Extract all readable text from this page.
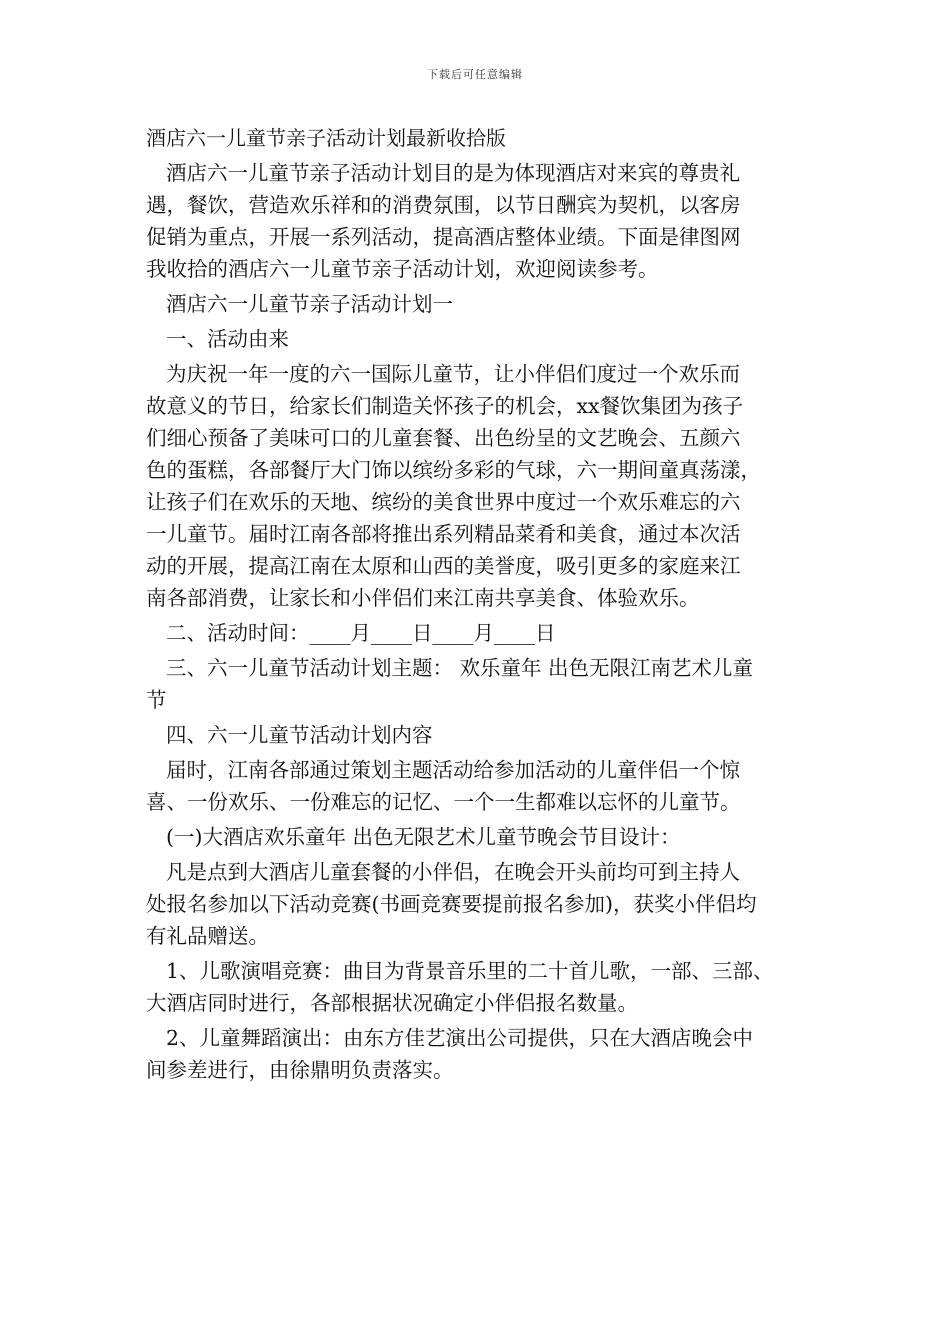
下载后可任意编辑
酒店六一儿童节亲子活动计划最新收拾版
酒店六一儿童节亲子活动计划目的是为体现酒店对来宾的尊贵礼
遇，餐饮，营造欢乐祥和的消费氛围，以节日酬宾为契机，以客房
促销为重点，开展一系列活动，提高酒店整体业绩。下面是律图网
我收拾的酒店六一儿童节亲子活动计划，欢迎阅读参考。
酒店六一儿童节亲子活动计划一
一、活动由来
为庆祝一年一度的六一国际儿童节，让小伴侣们度过一个欢乐而
故意义的节日，给家长们制造关怀孩子的机会，xx餐饮集团为孩子
们细心预备了美味可口的儿童套餐、出色纷呈的文艺晚会、五颜六
色的蛋糕，各部餐厅大门饰以缤纷多彩的气球，六一期间童真荡漾，
让孩子们在欢乐的天地、缤纷的美食世界中度过一个欢乐难忘的六
一儿童节。届时江南各部将推出系列精品菜肴和美食，通过本次活
动的开展，提高江南在太原和山西的美誉度，吸引更多的家庭来江
南各部消费，让家长和小伴侣们来江南共享美食、体验欢乐。
二、活动时间：____月____日____月____日
三、六一儿童节活动计划主题： 欢乐童年 出色无限江南艺术儿童
节
四、六一儿童节活动计划内容
届时，江南各部通过策划主题活动给参加活动的儿童伴侣一个惊
喜、一份欢乐、一份难忘的记忆、一个一生都难以忘怀的儿童节。
(一)大酒店欢乐童年 出色无限艺术儿童节晚会节目设计：
凡是点到大酒店儿童套餐的小伴侣，在晚会开头前均可到主持人
处报名参加以下活动竞赛(书画竞赛要提前报名参加)，获奖小伴侣均
有礼品赠送。
1、儿歌演唱竞赛：曲目为背景音乐里的二十首儿歌，一部、三部、
大酒店同时进行，各部根据状况确定小伴侣报名数量。
2、儿童舞蹈演出：由东方佳艺演出公司提供，只在大酒店晚会中
间参差进行，由徐鼎明负责落实。
